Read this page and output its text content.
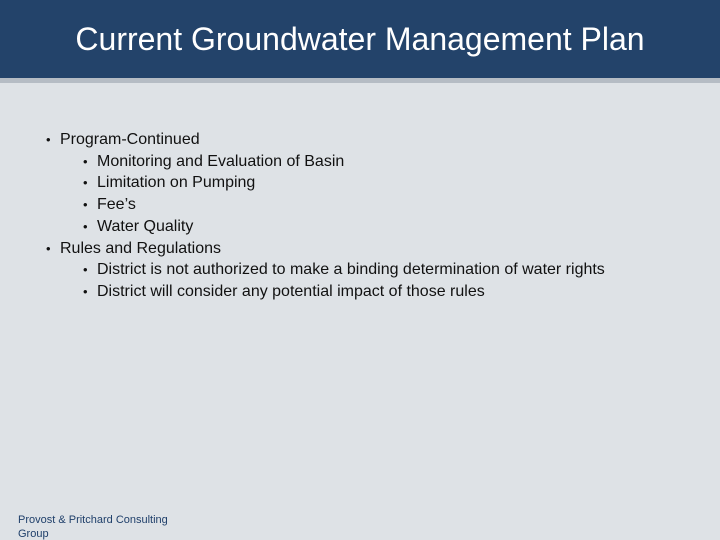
Current Groundwater Management Plan
• Program-Continued
• Monitoring and Evaluation of Basin
• Limitation on Pumping
• Fee’s
• Water Quality
• Rules and Regulations
• District is not authorized to make a binding determination of water rights
• District will consider any potential impact of those rules
Provost & Pritchard Consulting Group
